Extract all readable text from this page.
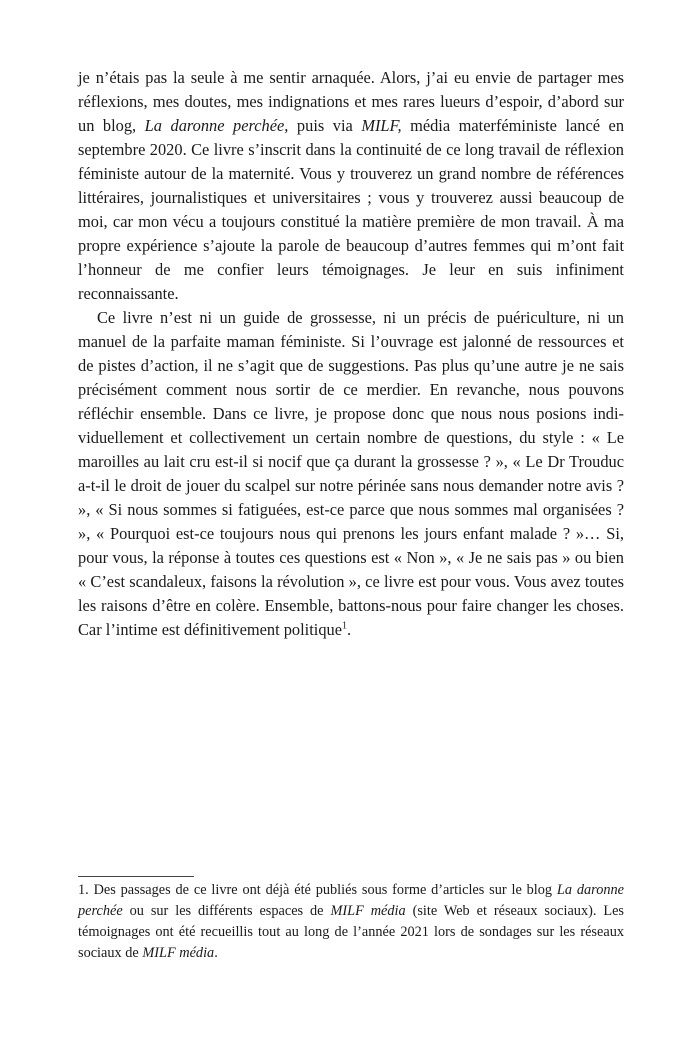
je n’étais pas la seule à me sentir arnaquée. Alors, j’ai eu envie de partager mes réflexions, mes doutes, mes indignations et mes rares lueurs d’espoir, d’abord sur un blog, La daronne perchée, puis via MILF, média materféministe lancé en septembre 2020. Ce livre s’inscrit dans la continuité de ce long travail de réflexion féministe autour de la maternité. Vous y trouverez un grand nombre de références littéraires, journalistiques et universitaires ; vous y trouverez aussi beaucoup de moi, car mon vécu a toujours constitué la matière première de mon travail. À ma propre expérience s’ajoute la parole de beaucoup d’autres femmes qui m’ont fait l’honneur de me confier leurs témoignages. Je leur en suis infiniment reconnaissante.

Ce livre n’est ni un guide de grossesse, ni un précis de puériculture, ni un manuel de la parfaite maman féministe. Si l’ouvrage est jalonné de ressources et de pistes d’action, il ne s’agit que de suggestions. Pas plus qu’une autre je ne sais précisément comment nous sortir de ce merdier. En revanche, nous pouvons réfléchir ensemble. Dans ce livre, je propose donc que nous nous posions individuellement et collectivement un certain nombre de questions, du style : « Le maroilles au lait cru est-il si nocif que ça durant la grossesse ? », « Le Dr Trouduc a-t-il le droit de jouer du scalpel sur notre périnée sans nous demander notre avis ? », « Si nous sommes si fatiguées, est-ce parce que nous sommes mal organisées ? », « Pourquoi est-ce toujours nous qui prenons les jours enfant malade ? »… Si, pour vous, la réponse à toutes ces questions est « Non », « Je ne sais pas » ou bien « C’est scandaleux, faisons la révolution », ce livre est pour vous. Vous avez toutes les raisons d’être en colère. Ensemble, battons-nous pour faire changer les choses. Car l’intime est définitivement politique$^1$.

1. Des passages de ce livre ont déjà été publiés sous forme d’articles sur le blog La daronne perchée ou sur les différents espaces de MILF média (site Web et réseaux sociaux). Les témoignages ont été recueillis tout au long de l’année 2021 lors de sondages sur les réseaux sociaux de MILF média.
